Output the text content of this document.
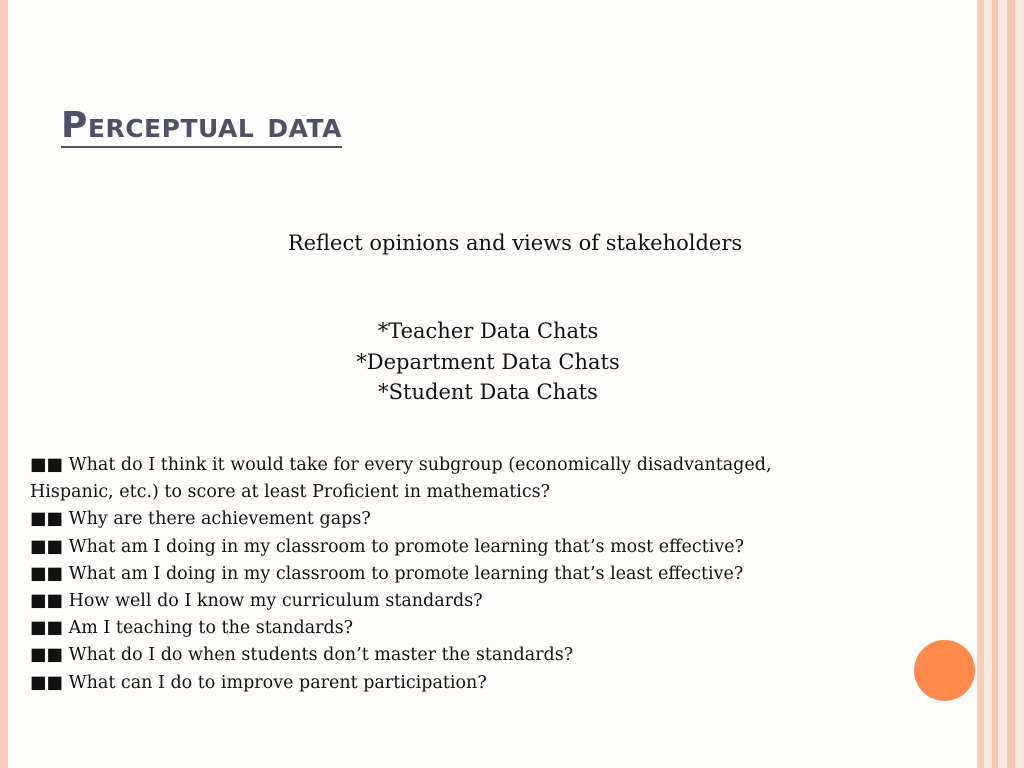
Perceptual data
Reflect opinions and views of stakeholders
*Teacher Data Chats
*Department Data Chats
*Student Data Chats
■■ What do I think it would take for every subgroup (economically disadvantaged,
Hispanic, etc.) to score at least Proficient in mathematics?
■■ Why are there achievement gaps?
■■ What am I doing in my classroom to promote learning that’s most effective?
■■ What am I doing in my classroom to promote learning that’s least effective?
■■ How well do I know my curriculum standards?
■■ Am I teaching to the standards?
■■ What do I do when students don’t master the standards?
■■ What can I do to improve parent participation?
